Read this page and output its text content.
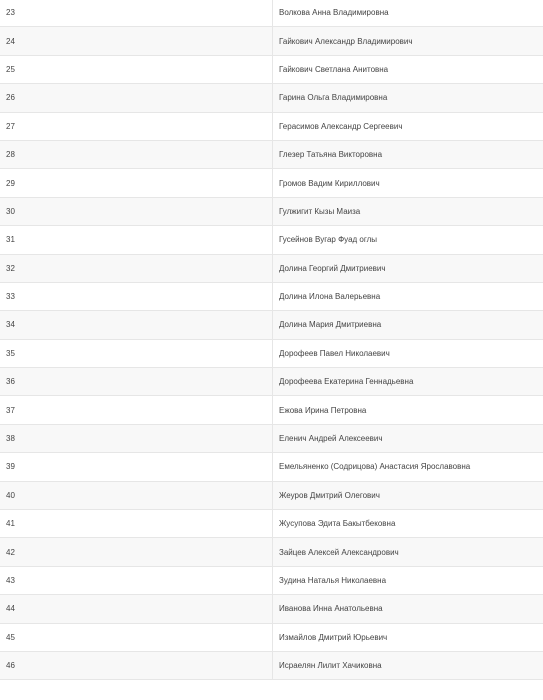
23	Волкова Анна Владимировна
24	Гайкович Александр Владимирович
25	Гайкович Светлана Анитовна
26	Гарина Ольга Владимировна
27	Герасимов Александр Сергеевич
28	Глезер Татьяна Викторовна
29	Громов Вадим Кириллович
30	Гулжигит Кызы Маиза
31	Гусейнов Вугар Фуад оглы
32	Долина Георгий Дмитриевич
33	Долина Илона Валерьевна
34	Долина Мария Дмитриевна
35	Дорофеев Павел Николаевич
36	Дорофеева Екатерина Геннадьевна
37	Ежова Ирина Петровна
38	Еленич Андрей Алексеевич
39	Емельяненко (Содрицова) Анастасия Ярославовна
40	Жеуров Дмитрий Олегович
41	Жусупова Эдита Бакытбековна
42	Зайцев Алексей Александрович
43	Зудина Наталья Николаевна
44	Иванова Инна Анатольевна
45	Измайлов Дмитрий Юрьевич
46	Исраелян Лилит Хачиковна
